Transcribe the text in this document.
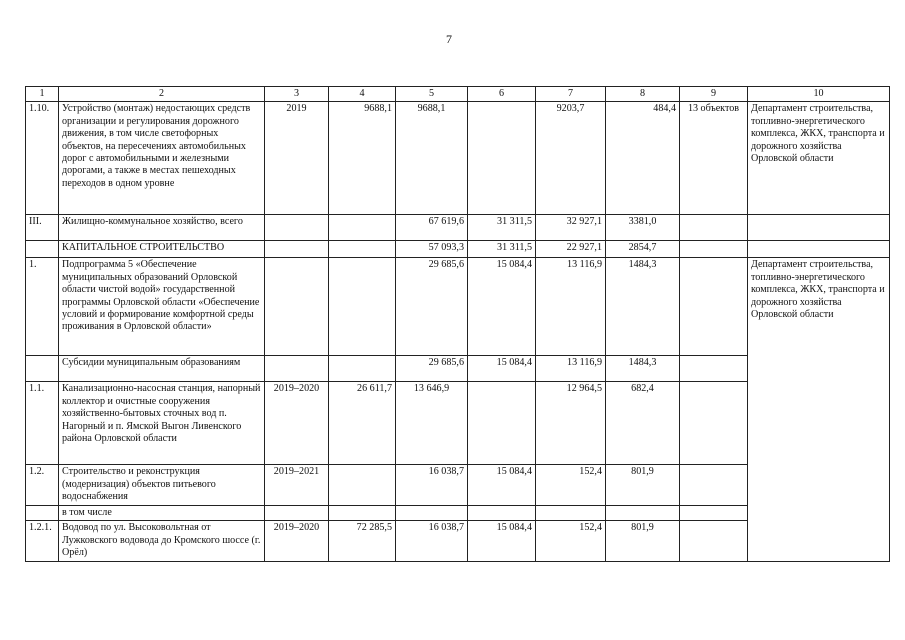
7
1	2	3	4	5	6	7	8	9	10
1.10.	Устройство (монтаж) недостающих средств организации и регулирования дорожного движения, в том числе светофорных объектов, на пересечениях автомобильных дорог с автомобильными и железными дорогами, а также в местах пешеходных переходов в одном уровне	2019	9688,1	9688,1		9203,7	484,4	13 объектов	Департамент строительства, топливно-энергетического комплекса, ЖКХ, транспорта и дорожного хозяйства Орловской области
III.	Жилищно-коммунальное хозяйство, всего			67 619,6	31 311,5	32 927,1	3381,0		
	КАПИТАЛЬНОЕ СТРОИТЕЛЬСТВО			57 093,3	31 311,5	22 927,1	2854,7		
1.	Подпрограмма 5 «Обеспечение муниципальных образований Орловской области чистой водой» государственной программы Орловской области «Обеспечение условий и формирование комфортной среды проживания в Орловской области»			29 685,6	15 084,4	13 116,9	1484,3		Департамент строительства, топливно-энергетического комплекса, ЖКХ, транспорта и дорожного хозяйства Орловской области
	Субсидии муниципальным образованиям			29 685,6	15 084,4	13 116,9	1484,3		
1.1.	Канализационно-насосная станция, напорный коллектор и очистные сооружения хозяйственно-бытовых сточных вод п. Нагорный и п. Ямской Выгон Ливенского района Орловской области	2019–2020	26 611,7	13 646,9		12 964,5	682,4		
1.2.	Строительство и реконструкция (модернизация) объектов питьевого водоснабжения	2019–2021		16 038,7	15 084,4	152,4	801,9		
	в том числе								
1.2.1.	Водовод по ул. Высоковольтная от Лужковского водовода до Кромского шоссе (г. Орёл)	2019–2020	72 285,5	16 038,7	15 084,4	152,4	801,9		
